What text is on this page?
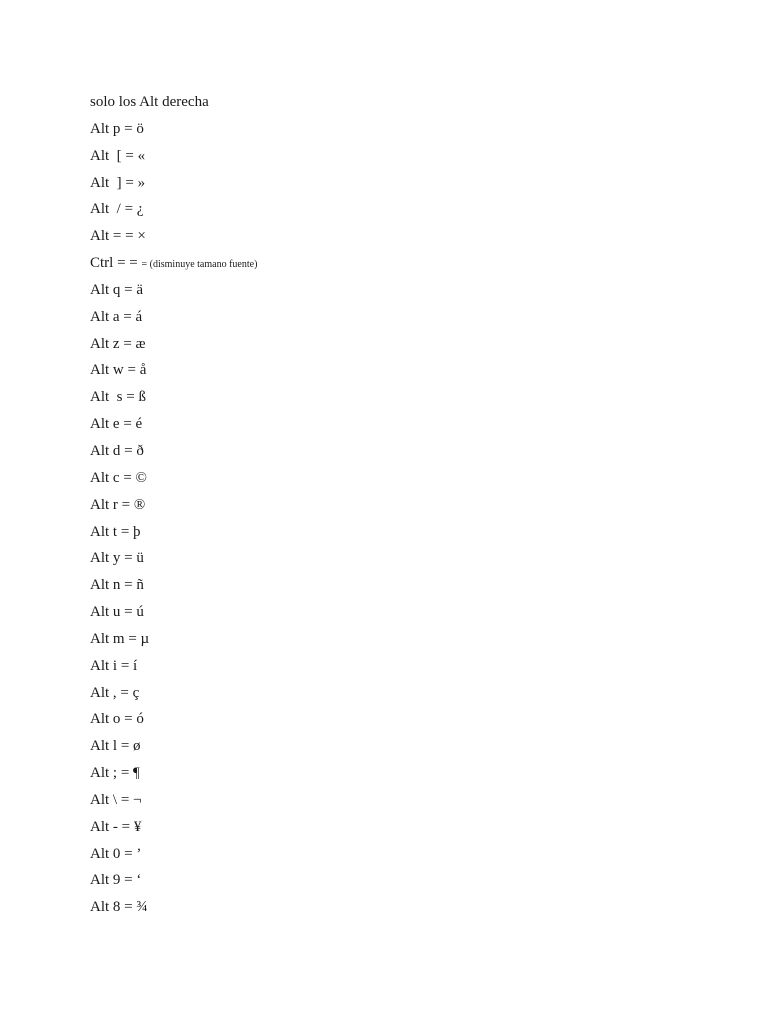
solo los Alt derecha
Alt p = ö
Alt  [ = «
Alt  ] = »
Alt  / = ¿
Alt = = ×
Ctrl = = = (disminuye tamano fuente)
Alt q = ä
Alt a = á
Alt z = æ
Alt w = å
Alt  s = ß
Alt e = é
Alt d = ð
Alt c = ©
Alt r = ®
Alt t = þ
Alt y = ü
Alt n = ñ
Alt u = ú
Alt m = µ
Alt i = í
Alt , = ç
Alt o = ó
Alt l = ø
Alt ; = ¶
Alt \ = ¬
Alt - = ¥
Alt 0 = ’
Alt 9 = ‘
Alt 8 = ¾
